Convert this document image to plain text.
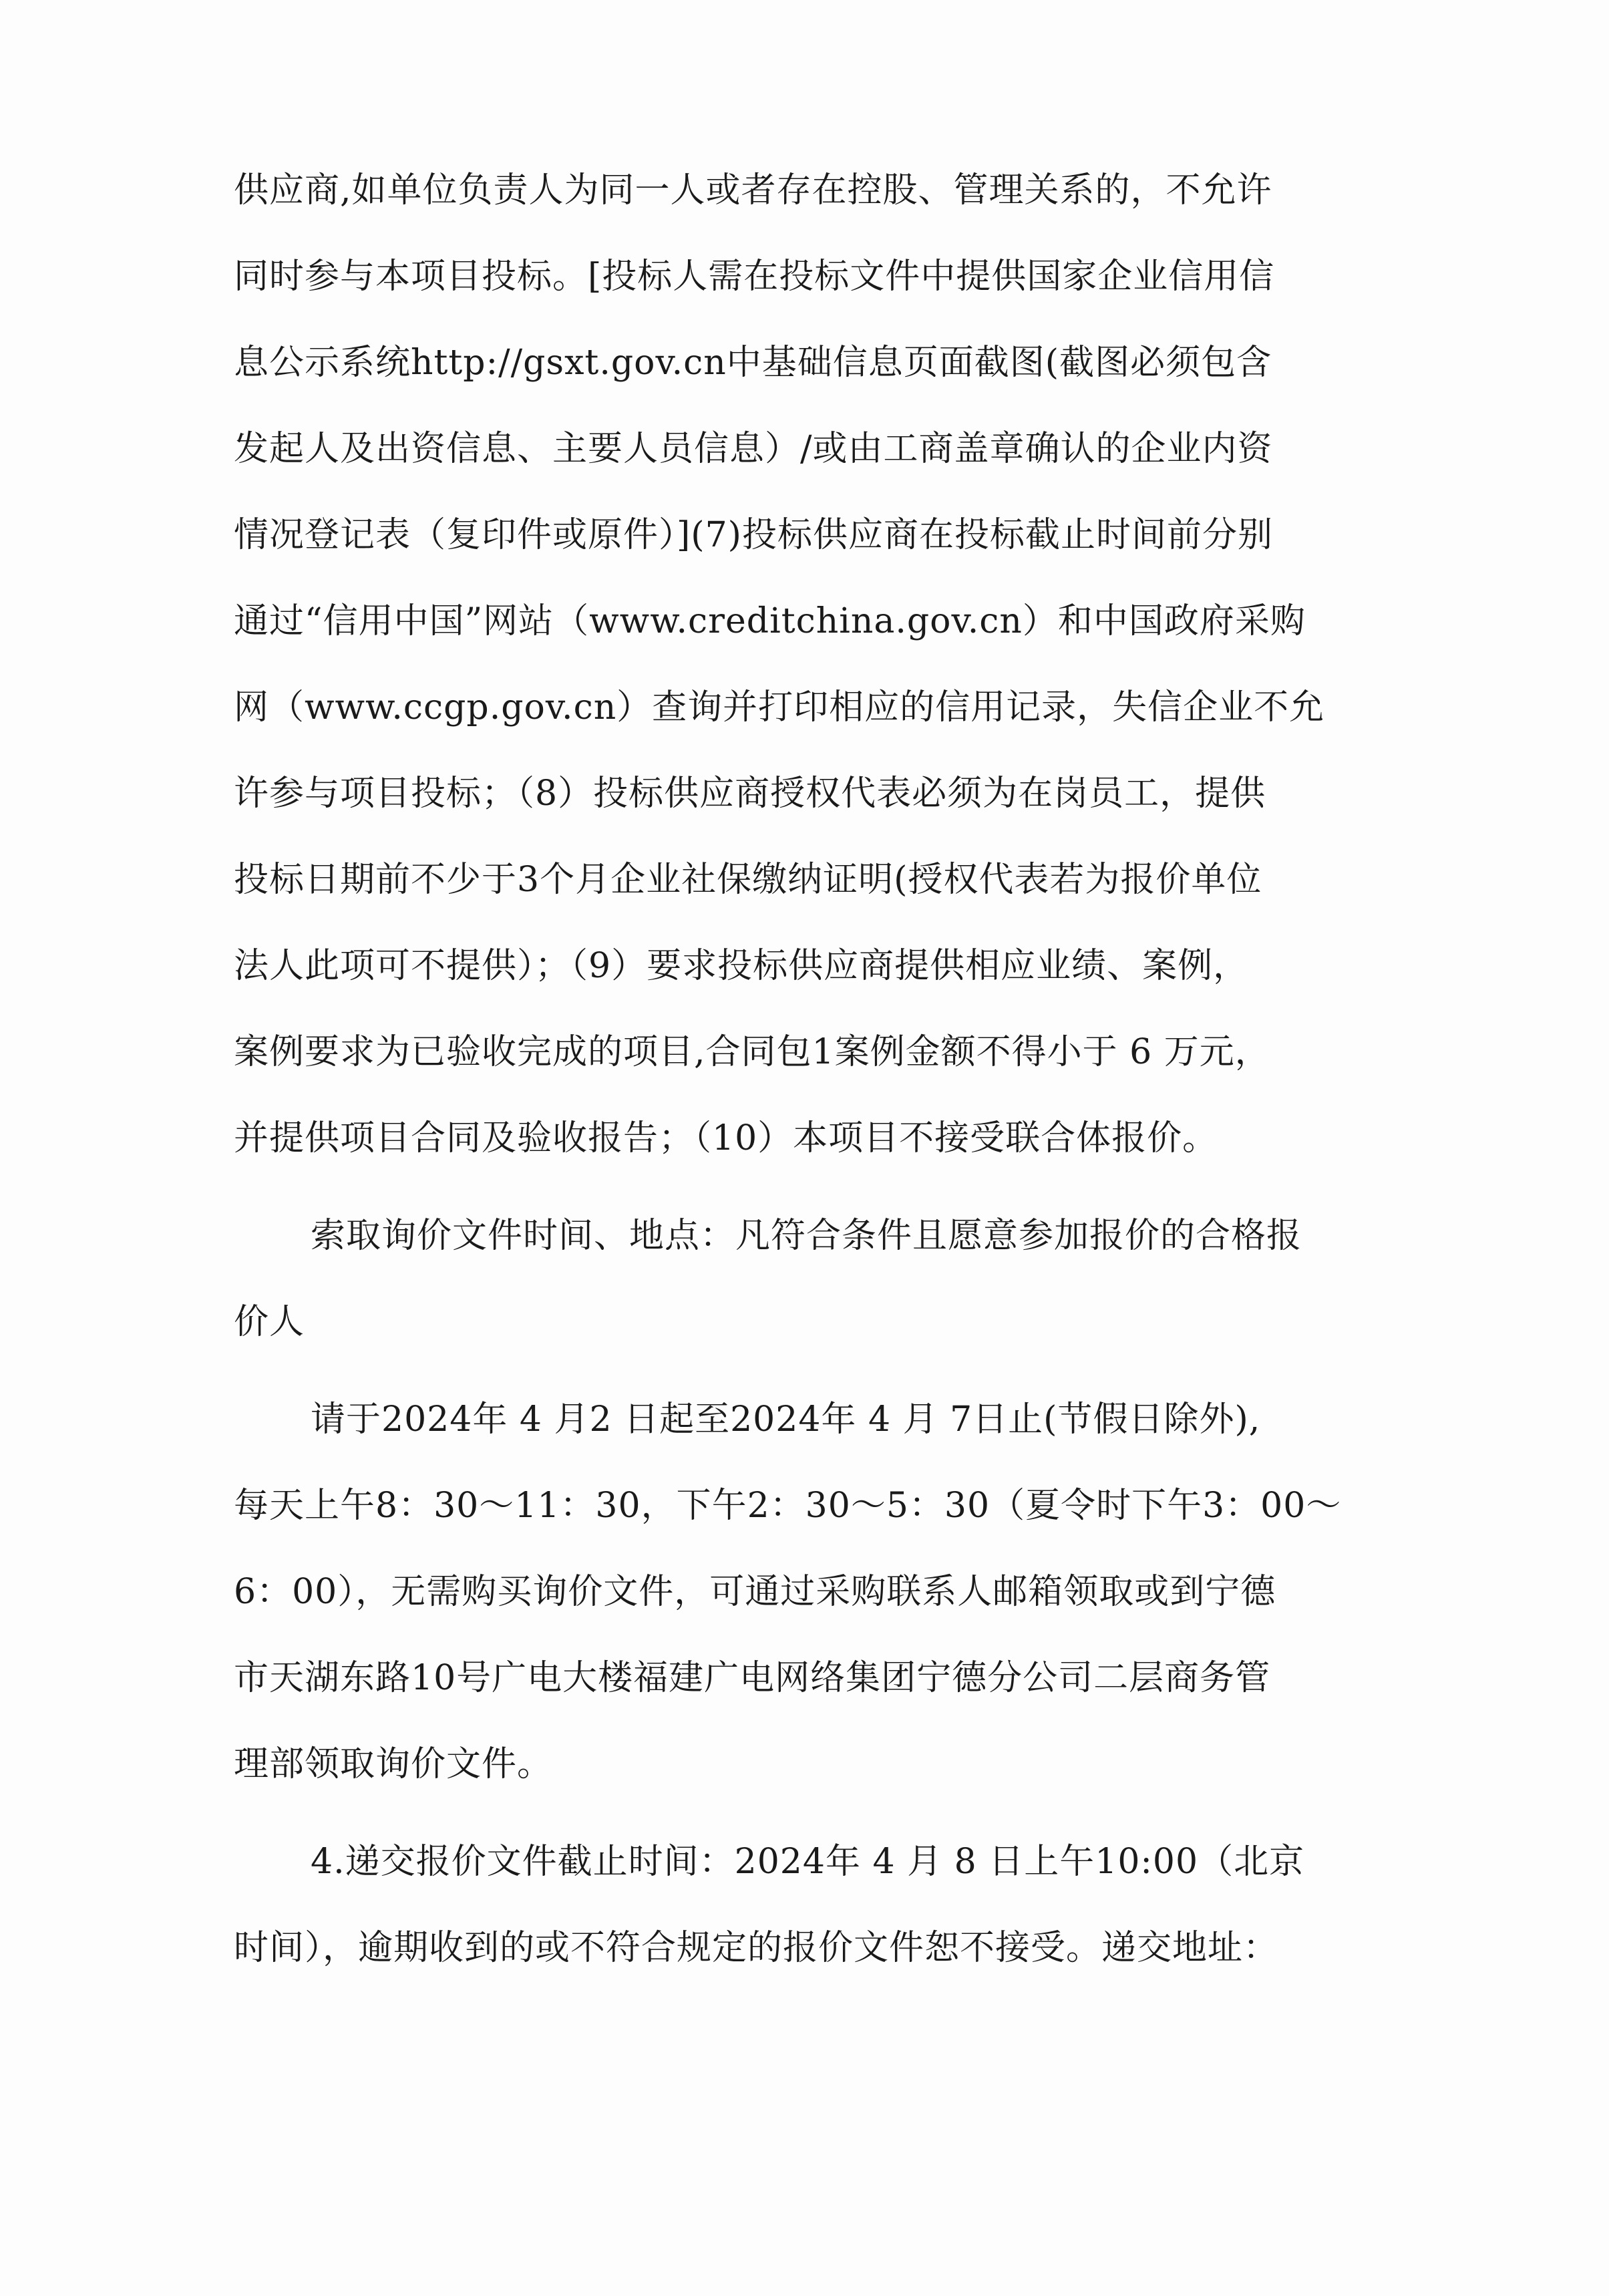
供应商,如单位负责人为同一人或者存在控股、管理关系的，不允许
同时参与本项目投标。[投标人需在投标文件中提供国家企业信用信
息公示系统http://gsxt.gov.cn中基础信息页面截图(截图必须包含
发起人及出资信息、主要人员信息）/或由工商盖章确认的企业内资
情况登记表（复印件或原件）](7)投标供应商在投标截止时间前分别
通过“信用中国”网站（www.creditchina.gov.cn）和中国政府采购
网（www.ccgp.gov.cn）查询并打印相应的信用记录，失信企业不允
许参与项目投标；（8）投标供应商授权代表必须为在岗员工，提供
投标日期前不少于3个月企业社保缴纳证明(授权代表若为报价单位
法人此项可不提供）；（9）要求投标供应商提供相应业绩、案例，
案例要求为已验收完成的项目,合同包1案例金额不得小于 6 万元，
并提供项目合同及验收报告；（10）本项目不接受联合体报价。
索取询价文件时间、地点：凡符合条件且愿意参加报价的合格报
价人
请于2024年 4 月2 日起至2024年 4 月 7日止(节假日除外),
每天上午8：30～11：30，下午2：30～5：30（夏令时下午3：00～
6：00），无需购买询价文件，可通过采购联系人邮箱领取或到宁德
市天湖东路10号广电大楼福建广电网络集团宁德分公司二层商务管
理部领取询价文件。
4.递交报价文件截止时间：2024年 4 月 8 日上午10:00（北京
时间），逾期收到的或不符合规定的报价文件恕不接受。递交地址：
